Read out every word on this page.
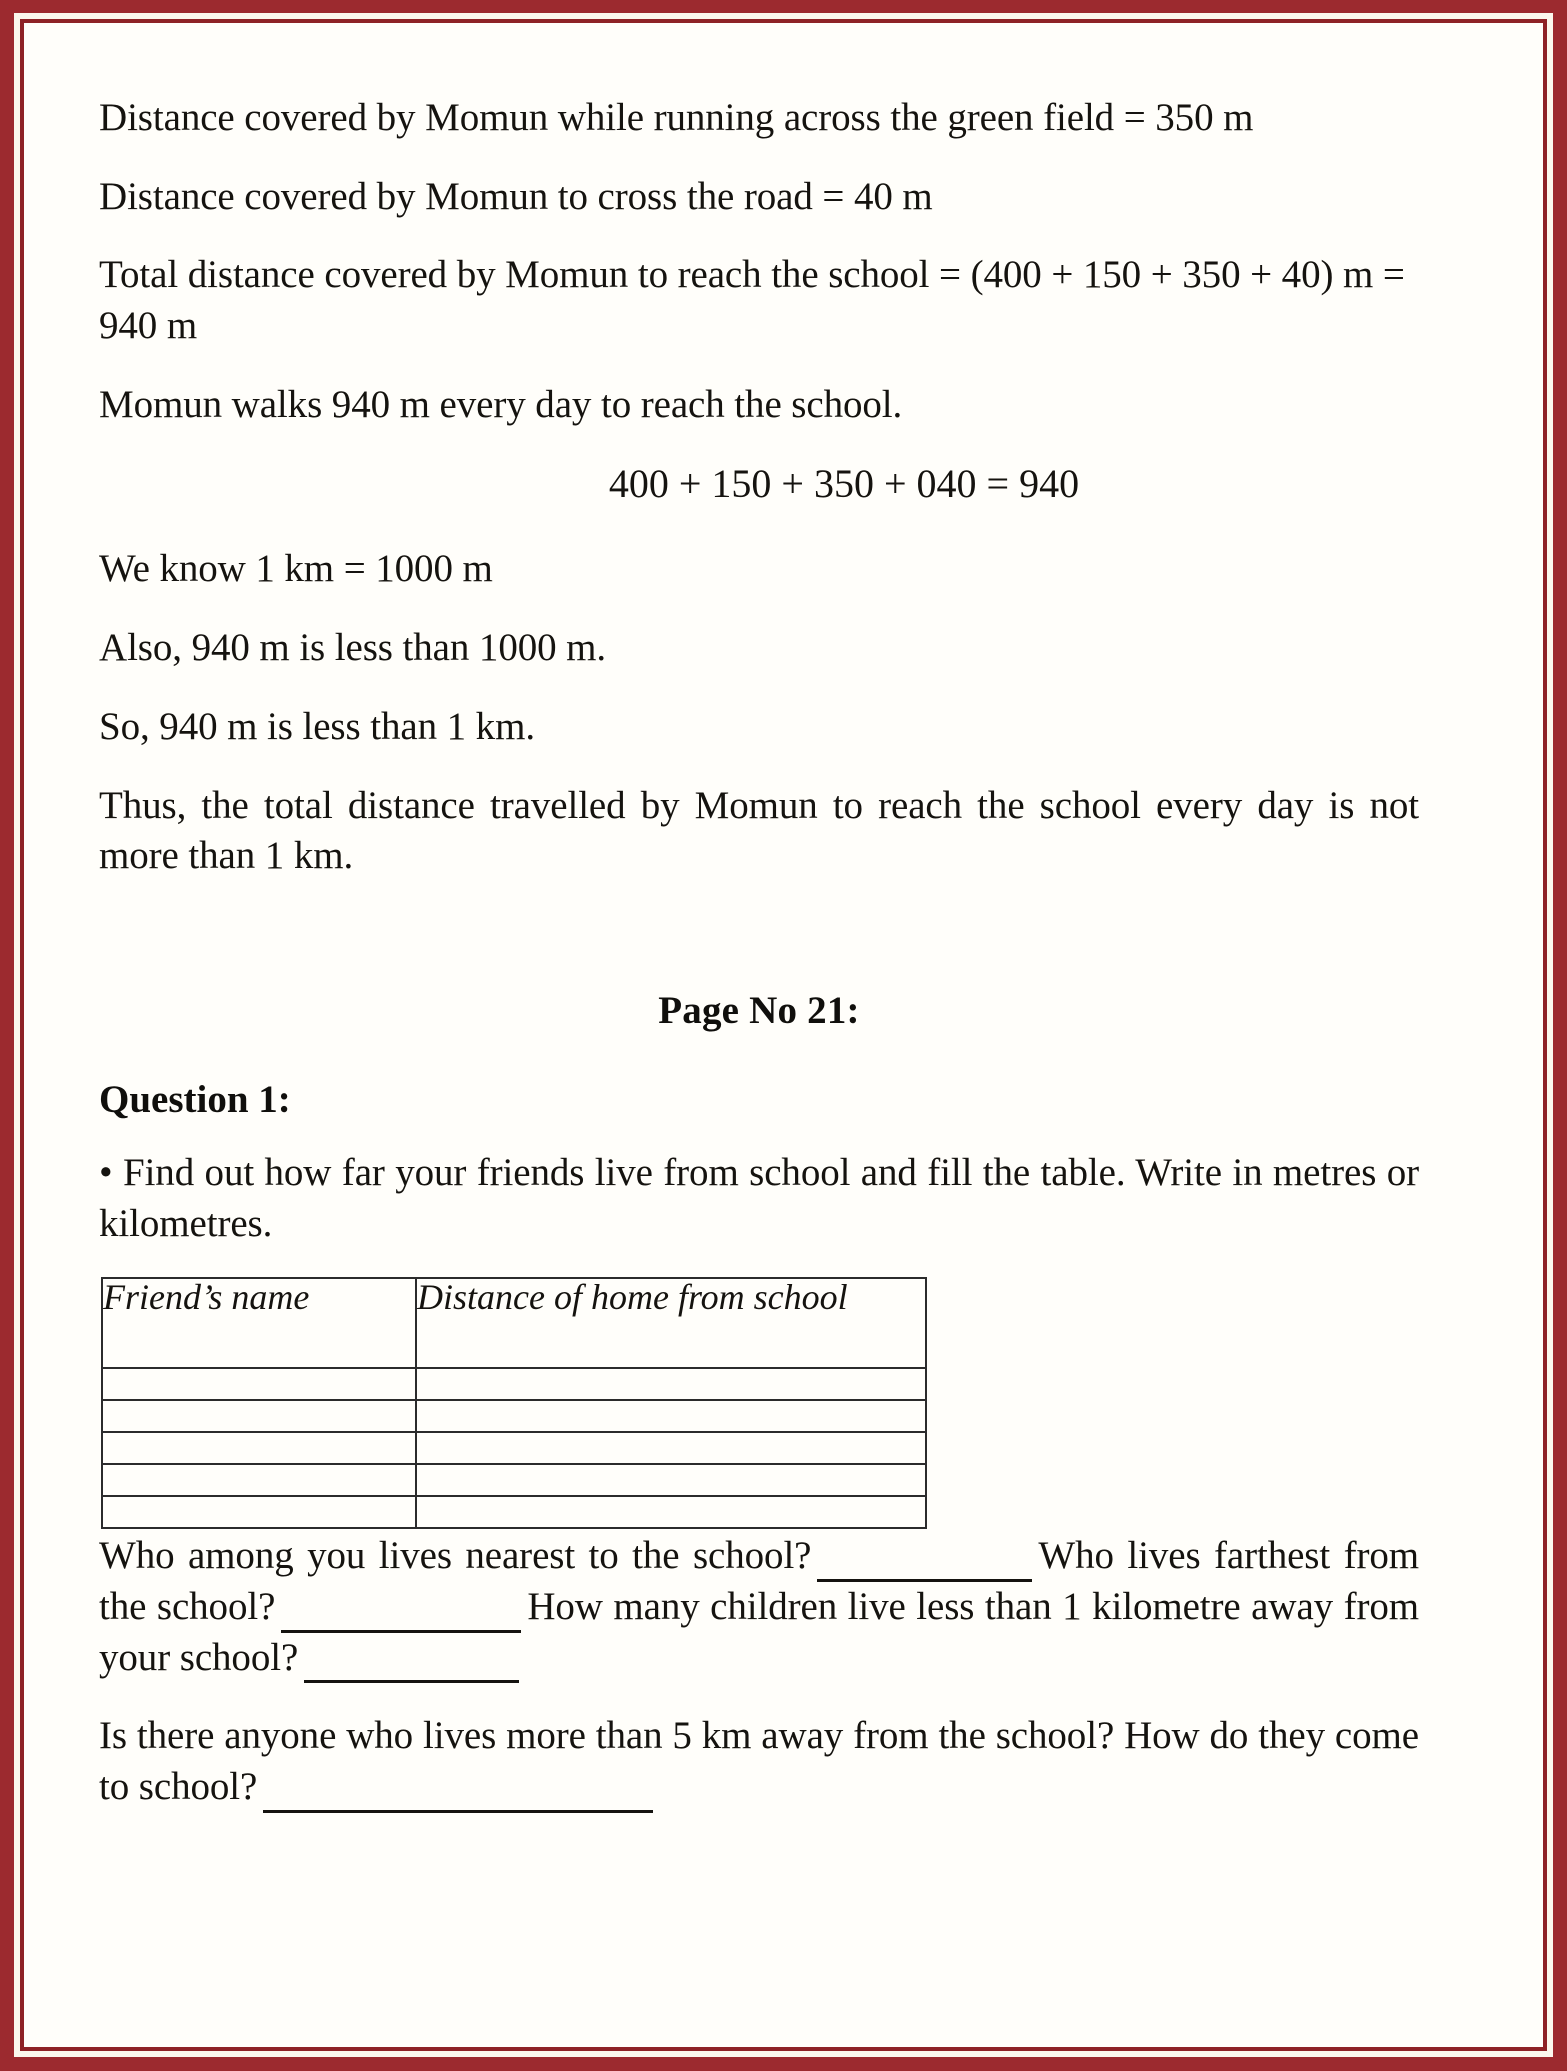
Distance covered by Momun while running across the green field = 350 m

Distance covered by Momun to cross the road = 40 m

Total distance covered by Momun to reach the school = (400 + 150 + 350 + 40) m = 940 m

Momun walks 940 m every day to reach the school.

400 + 150 + 350 + 040 = 940

We know 1 km = 1000 m

Also, 940 m is less than 1000 m.

So, 940 m is less than 1 km.

Thus, the total distance travelled by Momun to reach the school every day is not more than 1 km.

Page No 21:
Question 1:

• Find out how far your friends live from school and fill the table. Write in metres or kilometres.

Friend’s name	Distance of home from school

Who among you lives nearest to the school?	Who lives farthest from the school?	How many children live less than 1 kilometre away from your school?

Is there anyone who lives more than 5 km away from the school? How do they come to school?
